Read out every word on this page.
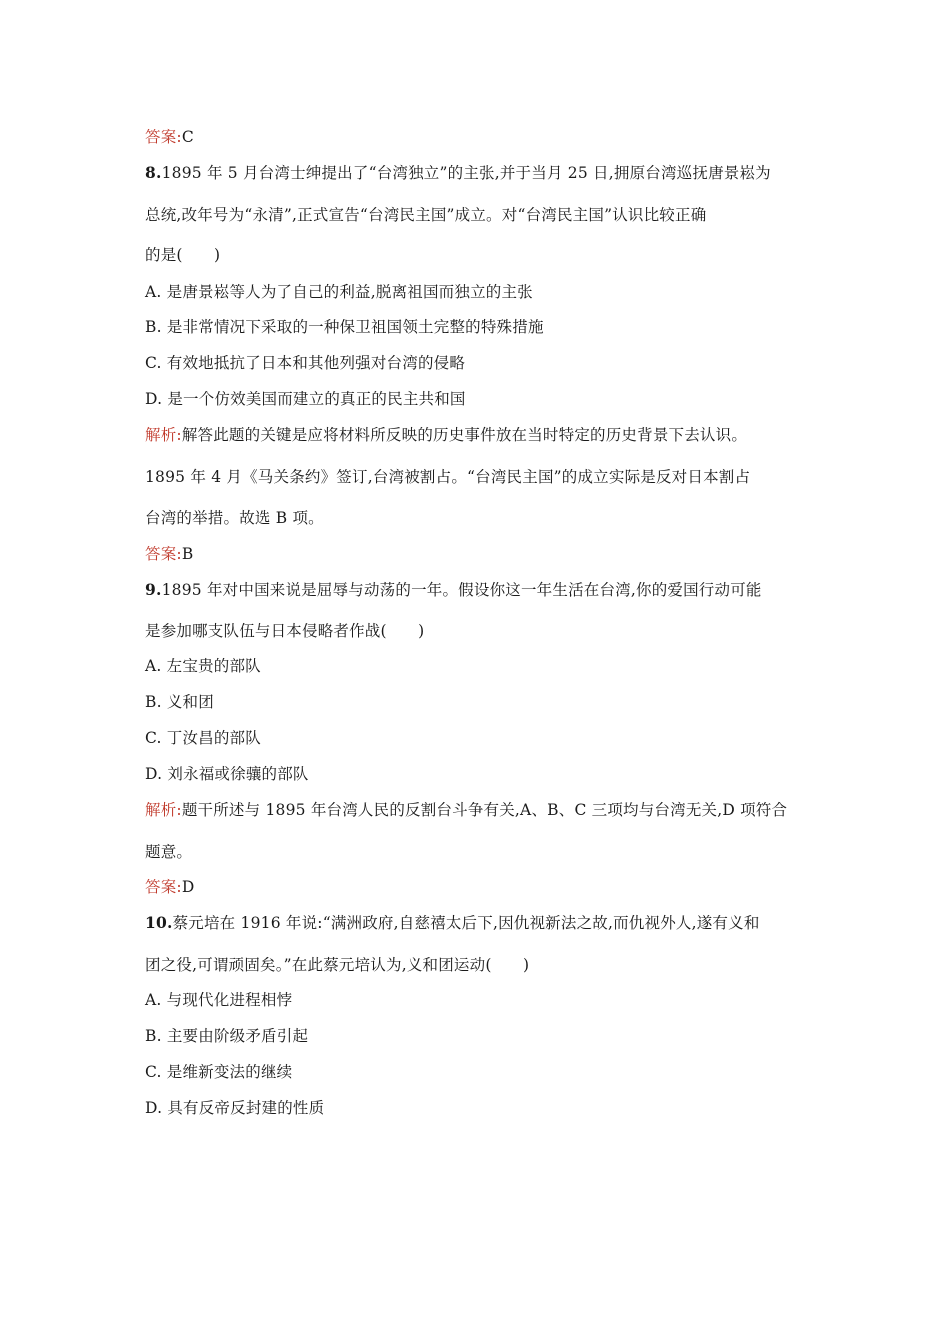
答案:C
8.1895 年 5 月台湾士绅提出了“台湾独立”的主张,并于当月 25 日,拥原台湾巡抚唐景崧为
总统,改年号为“永清”,正式宣告“台湾民主国”成立。对“台湾民主国”认识比较正确
的是(　　)
A. 是唐景崧等人为了自己的利益,脱离祖国而独立的主张
B. 是非常情况下采取的一种保卫祖国领土完整的特殊措施
C. 有效地抵抗了日本和其他列强对台湾的侵略
D. 是一个仿效美国而建立的真正的民主共和国
解析:解答此题的关键是应将材料所反映的历史事件放在当时特定的历史背景下去认识。
1895 年 4 月《马关条约》签订,台湾被割占。“台湾民主国”的成立实际是反对日本割占
台湾的举措。故选 B 项。
答案:B
9.1895 年对中国来说是屈辱与动荡的一年。假设你这一年生活在台湾,你的爱国行动可能
是参加哪支队伍与日本侵略者作战(　　)
A. 左宝贵的部队
B. 义和团
C. 丁汝昌的部队
D. 刘永福或徐骧的部队
解析:题干所述与 1895 年台湾人民的反割台斗争有关,A、B、C 三项均与台湾无关,D 项符合
题意。
答案:D
10.蔡元培在 1916 年说:“满洲政府,自慈禧太后下,因仇视新法之故,而仇视外人,遂有义和
团之役,可谓顽固矣。”在此蔡元培认为,义和团运动(　　)
A. 与现代化进程相悖
B. 主要由阶级矛盾引起
C. 是维新变法的继续
D. 具有反帝反封建的性质
